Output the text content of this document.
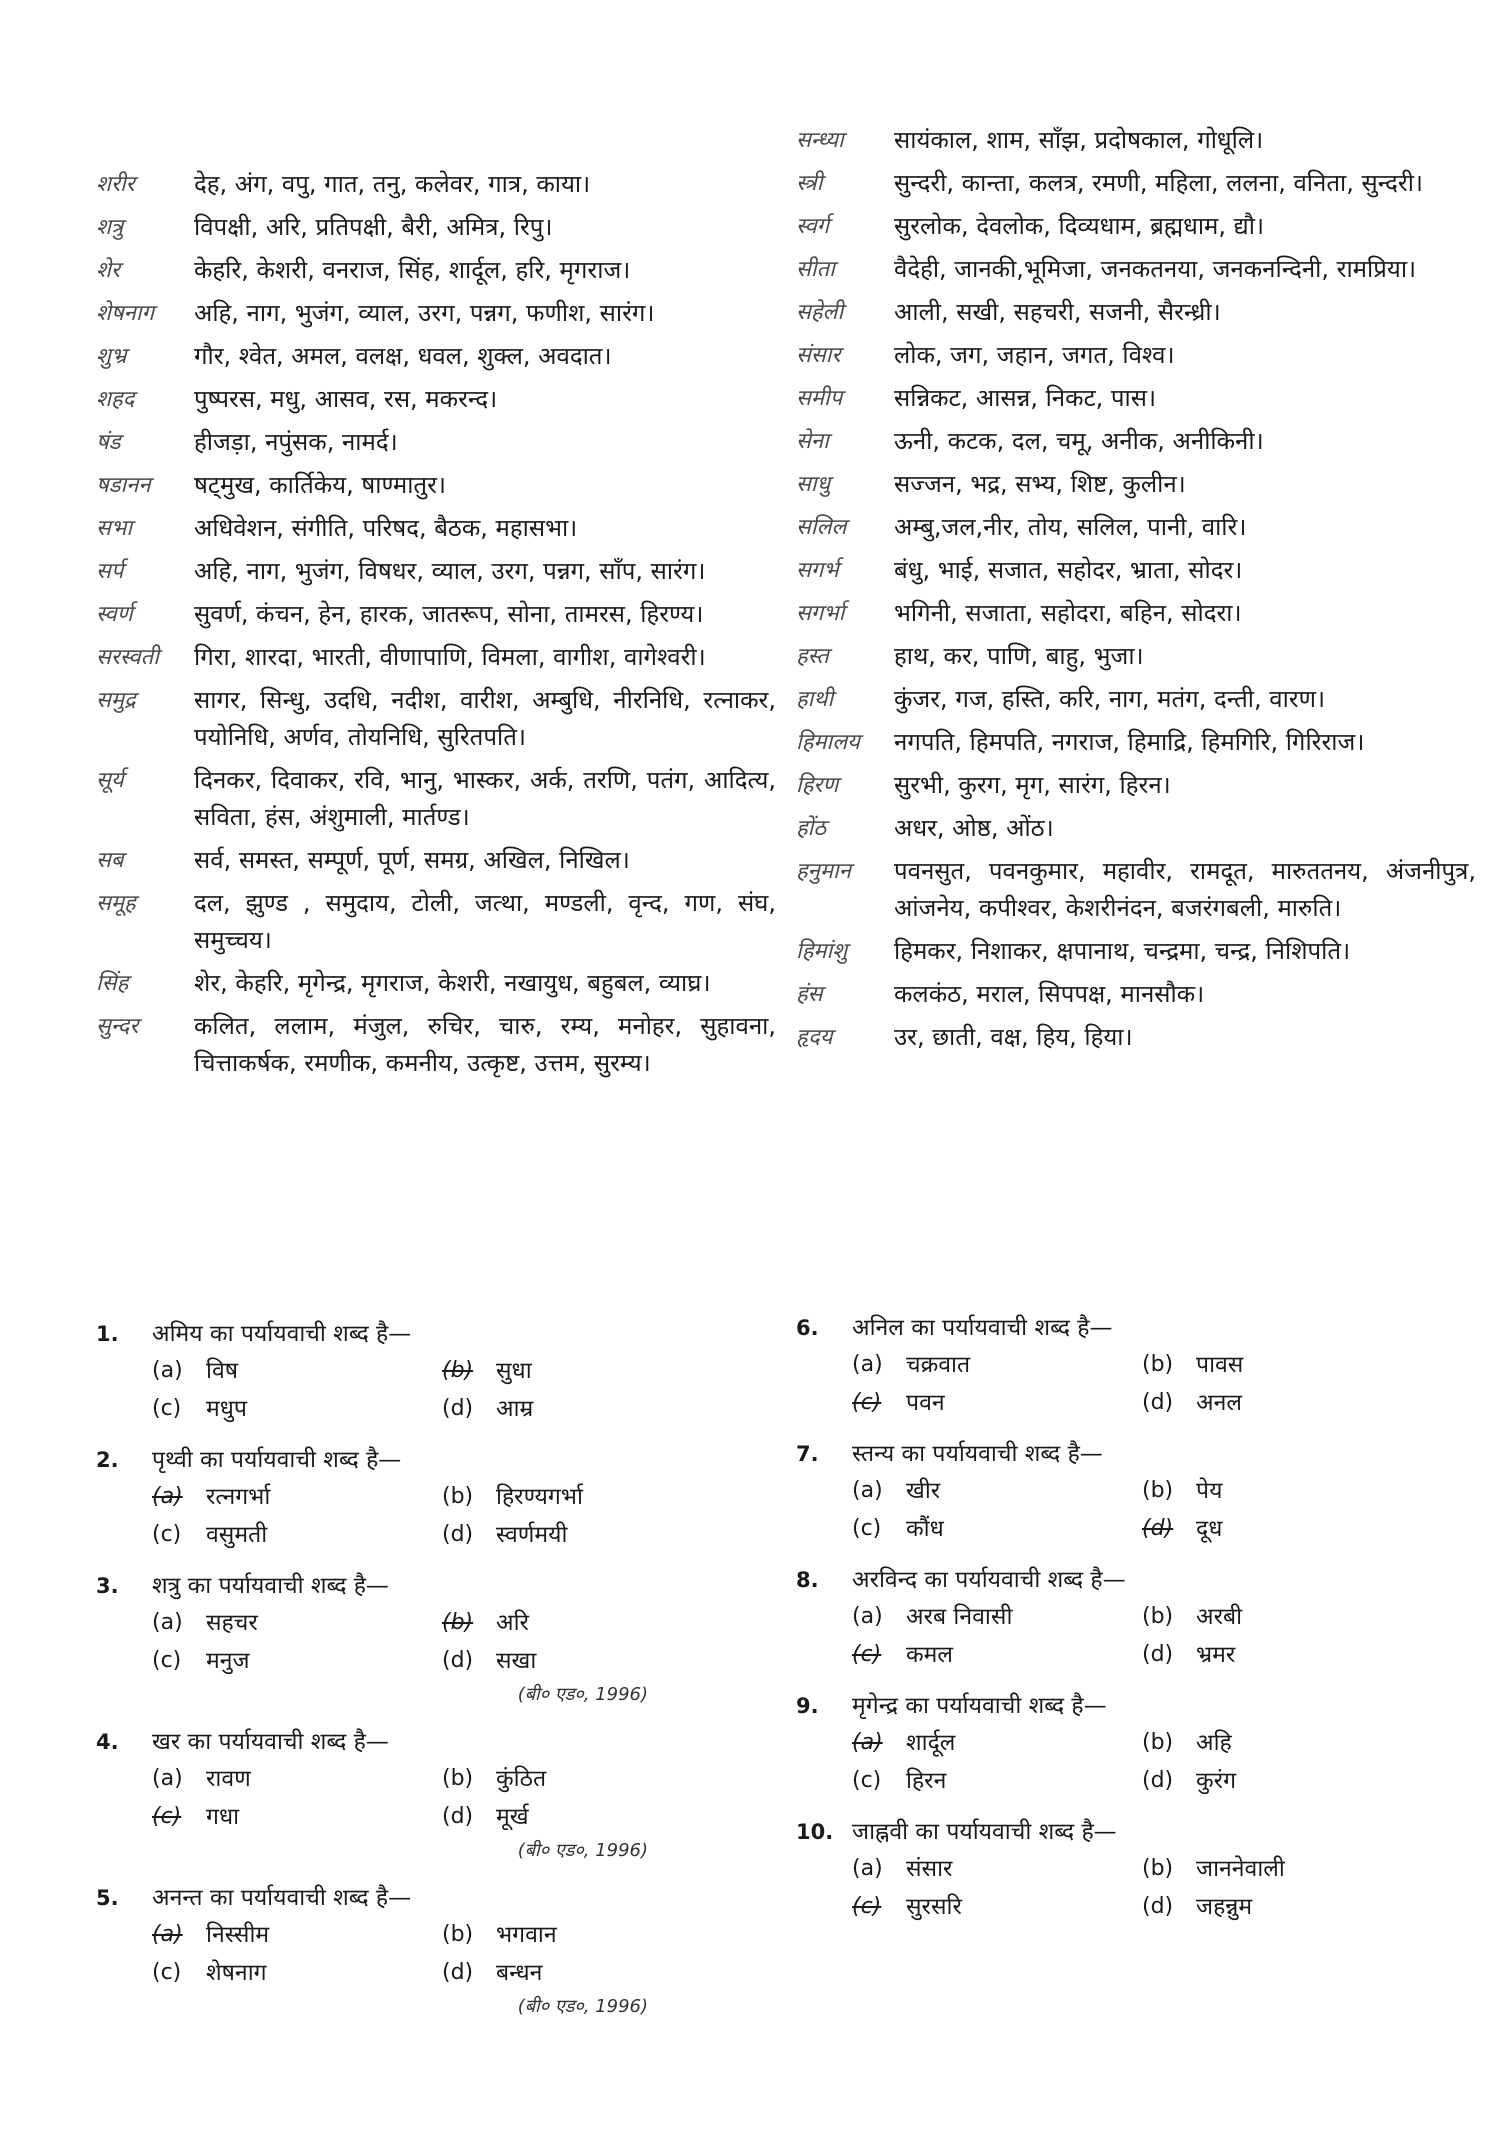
शरीर	देह, अंग, वपु, गात, तनु, कलेवर, गात्र, काया।
शत्रु	विपक्षी, अरि, प्रतिपक्षी, बैरी, अमित्र, रिपु।
शेर	केहरि, केशरी, वनराज, सिंह, शार्दूल, हरि, मृगराज।
शेषनाग	अहि, नाग, भुजंग, व्याल, उरग, पन्नग, फणीश, सारंग।
शुभ्र	गौर, श्वेत, अमल, वलक्ष, धवल, शुक्ल, अवदात।
शहद	पुष्परस, मधु, आसव, रस, मकरन्द।
षंड	हीजड़ा, नपुंसक, नामर्द।
षडानन	षट्मुख, कार्तिकेय, षाण्मातुर।
सभा	अधिवेशन, संगीति, परिषद, बैठक, महासभा।
सर्प	अहि, नाग, भुजंग, विषधर, व्याल, उरग, पन्नग, साँप, सारंग।
स्वर्ण	सुवर्ण, कंचन, हेन, हारक, जातरूप, सोना, तामरस, हिरण्य।
सरस्वती	गिरा, शारदा, भारती, वीणापाणि, विमला, वागीश, वागेश्वरी।
समुद्र	सागर, सिन्धु, उदधि, नदीश, वारीश, अम्बुधि, नीरनिधि, रत्नाकर, पयोनिधि, अर्णव, तोयनिधि, सुरितपति।
सूर्य	दिनकर, दिवाकर, रवि, भानु, भास्कर, अर्क, तरणि, पतंग, आदित्य, सविता, हंस, अंशुमाली, मार्तण्ड।
सब	सर्व, समस्त, सम्पूर्ण, पूर्ण, समग्र, अखिल, निखिल।
समूह	दल, झुण्ड , समुदाय, टोली, जत्था, मण्डली, वृन्द, गण, संघ, समुच्चय।
सिंह	शेर, केहरि, मृगेन्द्र, मृगराज, केशरी, नखायुध, बहुबल, व्याघ्र।
सुन्दर	कलित, ललाम, मंजुल, रुचिर, चारु, रम्य, मनोहर, सुहावना, चित्ताकर्षक, रमणीक, कमनीय, उत्कृष्ट, उत्तम, सुरम्य।
सन्ध्या	सायंकाल, शाम, साँझ, प्रदोषकाल, गोधूलि।
स्त्री	सुन्दरी, कान्ता, कलत्र, रमणी, महिला, ललना, वनिता, सुन्दरी।
स्वर्ग	सुरलोक, देवलोक, दिव्यधाम, ब्रह्मधाम, द्यौ।
सीता	वैदेही, जानकी,भूमिजा, जनकतनया, जनकनन्दिनी, रामप्रिया।
सहेली	आली, सखी, सहचरी, सजनी, सैरन्ध्री।
संसार	लोक, जग, जहान, जगत, विश्व।
समीप	सन्निकट, आसन्न, निकट, पास।
सेना	ऊनी, कटक, दल, चमू, अनीक, अनीकिनी।
साधु	सज्जन, भद्र, सभ्य, शिष्ट, कुलीन।
सलिल	अम्बु,जल,नीर, तोय, सलिल, पानी, वारि।
सगर्भ	बंधु, भाई, सजात, सहोदर, भ्राता, सोदर।
सगर्भा	भगिनी, सजाता, सहोदरा, बहिन, सोदरा।
हस्त	हाथ, कर, पाणि, बाहु, भुजा।
हाथी	कुंजर, गज, हस्ति, करि, नाग, मतंग, दन्ती, वारण।
हिमालय	नगपति, हिमपति, नगराज, हिमाद्रि, हिमगिरि, गिरिराज।
हिरण	सुरभी, कुरग, मृग, सारंग, हिरन।
होंठ	अधर, ओष्ठ, ओंठ।
हनुमान	पवनसुत, पवनकुमार, महावीर, रामदूत, मारुततनय, अंजनीपुत्र, आंजनेय, कपीश्वर, केशरीनंदन, बजरंगबली, मारुति।
हिमांशु	हिमकर, निशाकर, क्षपानाथ, चन्द्रमा, चन्द्र, निशिपति।
हंस	कलकंठ, मराल, सिपपक्ष, मानसौक।
हृदय	उर, छाती, वक्ष, हिय, हिया।
1.	अमिय का पर्यायवाची शब्द है—
(a)	विष	(b) सुधा
(c)	मधुप	(d) आम्र
2.	पृथ्वी का पर्यायवाची शब्द है—
(a)	रत्नगर्भा	(b) हिरण्यगर्भा
(c)	वसुमती	(d) स्वर्णमयी
3.	शत्रु का पर्यायवाची शब्द है—
(a)	सहचर	(b) अरि
(c)	मनुज	(d) सखा
(बी० एड०, 1996)
4.	खर का पर्यायवाची शब्द है—
(a)	रावण	(b) कुंठित
(c)	गधा	(d) मूर्ख
(बी० एड०, 1996)
5.	अनन्त का पर्यायवाची शब्द है—
(a)	निस्सीम	(b) भगवान
(c)	शेषनाग	(d) बन्धन
(बी० एड०, 1996)
6.	अनिल का पर्यायवाची शब्द है—
(a)	चक्रवात	(b) पावस
(c)	पवन	(d) अनल
7.	स्तन्य का पर्यायवाची शब्द है—
(a)	खीर	(b) पेय
(c)	कौंध	(d) दूध
8.	अरविन्द का पर्यायवाची शब्द है—
(a)	अरब निवासी	(b) अरबी
(c)	कमल	(d) भ्रमर
9.	मृगेन्द्र का पर्यायवाची शब्द है—
(a)	शार्दूल	(b) अहि
(c)	हिरन	(d) कुरंग
10. जाह्नवी का पर्यायवाची शब्द है—
(a)	संसार	(b) जाननेवाली
(c)	सुरसरि	(d) जहन्नुम
